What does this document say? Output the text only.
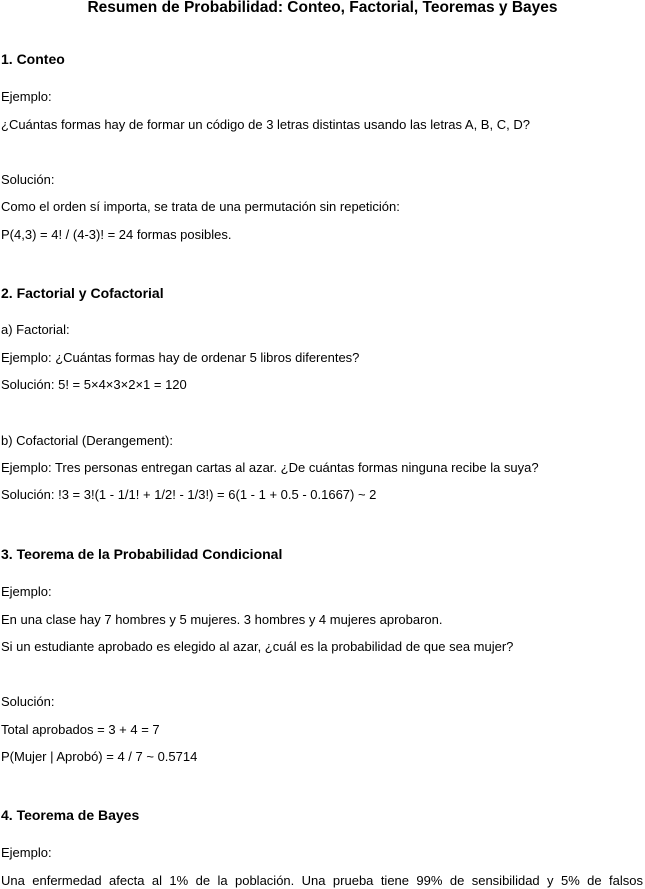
Resumen de Probabilidad: Conteo, Factorial, Teoremas y Bayes
1. Conteo

Ejemplo:

¿Cuántas formas hay de formar un código de 3 letras distintas usando las letras A, B, C, D?

Solución:

Como el orden sí importa, se trata de una permutación sin repetición:

P(4,3) = 4! / (4-3)! = 24 formas posibles.

2. Factorial y Cofactorial

a) Factorial:

Ejemplo: ¿Cuántas formas hay de ordenar 5 libros diferentes?

Solución: 5! = 5×4×3×2×1 = 120

b) Cofactorial (Derangement):

Ejemplo: Tres personas entregan cartas al azar. ¿De cuántas formas ninguna recibe la suya?

Solución: !3 = 3!(1 - 1/1! + 1/2! - 1/3!) = 6(1 - 1 + 0.5 - 0.1667) ~ 2

3. Teorema de la Probabilidad Condicional

Ejemplo:

En una clase hay 7 hombres y 5 mujeres. 3 hombres y 4 mujeres aprobaron.

Si un estudiante aprobado es elegido al azar, ¿cuál es la probabilidad de que sea mujer?

Solución:

Total aprobados = 3 + 4 = 7

P(Mujer | Aprobó) = 4 / 7 ~ 0.5714

4. Teorema de Bayes

Ejemplo:

Una enfermedad afecta al 1% de la población. Una prueba tiene 99% de sensibilidad y 5% de falsos
